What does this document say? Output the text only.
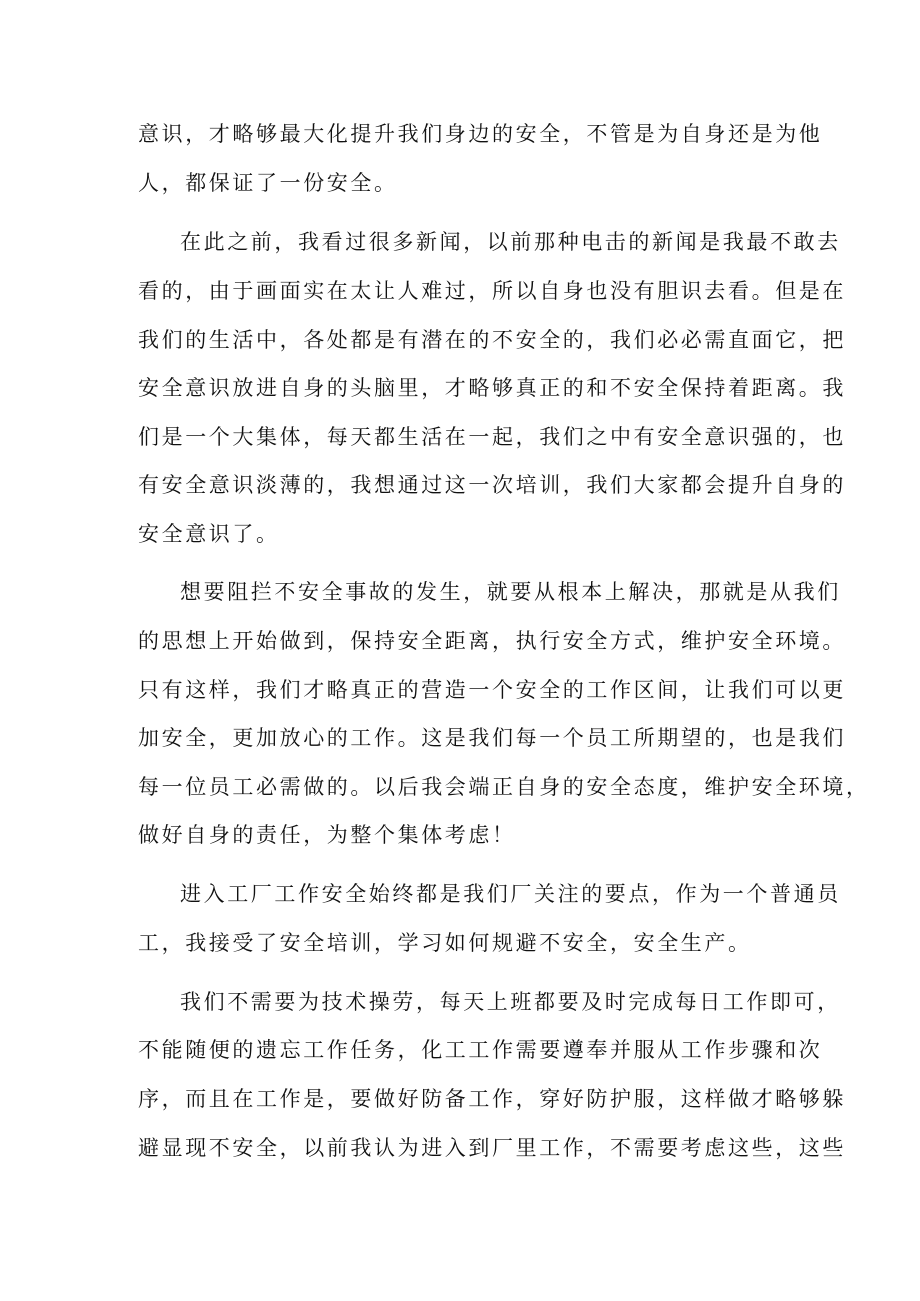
意识，才略够最大化提升我们身边的安全，不管是为自身还是为他
人，都保证了一份安全。
在此之前，我看过很多新闻，以前那种电击的新闻是我最不敢去
看的，由于画面实在太让人难过，所以自身也没有胆识去看。但是在
我们的生活中，各处都是有潜在的不安全的，我们必必需直面它，把
安全意识放进自身的头脑里，才略够真正的和不安全保持着距离。我
们是一个大集体，每天都生活在一起，我们之中有安全意识强的，也
有安全意识淡薄的，我想通过这一次培训，我们大家都会提升自身的
安全意识了。
想要阻拦不安全事故的发生，就要从根本上解决，那就是从我们
的思想上开始做到，保持安全距离，执行安全方式，维护安全环境。
只有这样，我们才略真正的营造一个安全的工作区间，让我们可以更
加安全，更加放心的工作。这是我们每一个员工所期望的，也是我们
每一位员工必需做的。以后我会端正自身的安全态度，维护安全环境，
做好自身的责任，为整个集体考虑！
进入工厂工作安全始终都是我们厂关注的要点，作为一个普通员
工，我接受了安全培训，学习如何规避不安全，安全生产。
我们不需要为技术操劳，每天上班都要及时完成每日工作即可，
不能随便的遗忘工作任务，化工工作需要遵奉并服从工作步骤和次
序，而且在工作是，要做好防备工作，穿好防护服，这样做才略够躲
避显现不安全，以前我认为进入到厂里工作，不需要考虑这些，这些
